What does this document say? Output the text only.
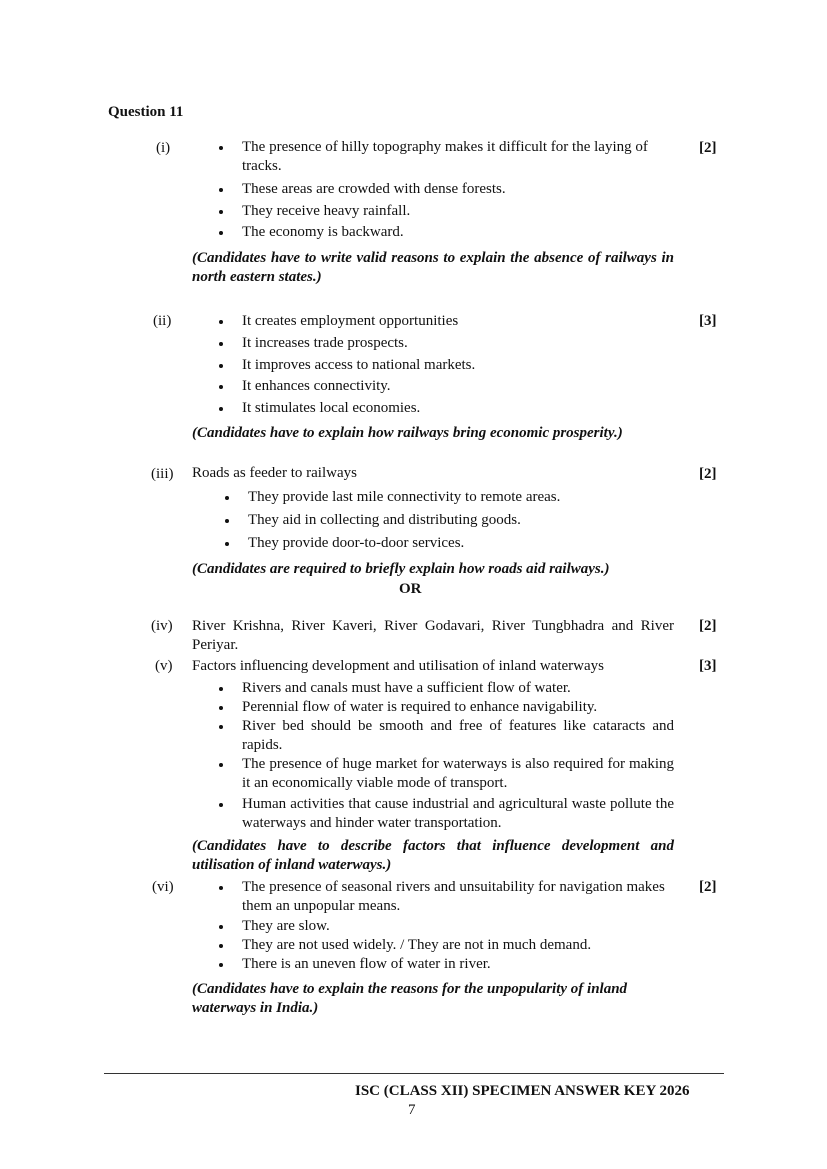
Question 11
(i)	[2]
The presence of hilly topography makes it difficult for the laying of tracks.
These areas are crowded with dense forests.
They receive heavy rainfall.
The economy is backward.
(Candidates have to write valid reasons to explain the absence of railways in north eastern states.)
(ii)	[3]
It creates employment opportunities
It increases trade prospects.
It improves access to national markets.
It enhances connectivity.
It stimulates local economies.
(Candidates have to explain how railways bring economic prosperity.)
(iii)	[2]
Roads as feeder to railways
They provide last mile connectivity to remote areas.
They aid in collecting and distributing goods.
They provide door-to-door services.
(Candidates are required to briefly explain how roads aid railways.)
OR
(iv)	[2]
River Krishna, River Kaveri, River Godavari, River Tungbhadra and River Periyar.
(v)	[3]
Factors influencing development and utilisation of inland waterways
Rivers and canals must have a sufficient flow of water.
Perennial flow of water is required to enhance navigability.
River bed should be smooth and free of features like cataracts and rapids.
The presence of huge market for waterways is also required for making it an economically viable mode of transport.
Human activities that cause industrial and agricultural waste pollute the waterways and hinder water transportation.
(Candidates have to describe factors that influence development and utilisation of inland waterways.)
(vi)	[2]
The presence of seasonal rivers and unsuitability for navigation makes them an unpopular means.
They are slow.
They are not used widely. / They are not in much demand.
There is an uneven flow of water in river.
(Candidates have to explain the reasons for the unpopularity of inland waterways in India.)
ISC (CLASS XII) SPECIMEN ANSWER KEY 2026
7
